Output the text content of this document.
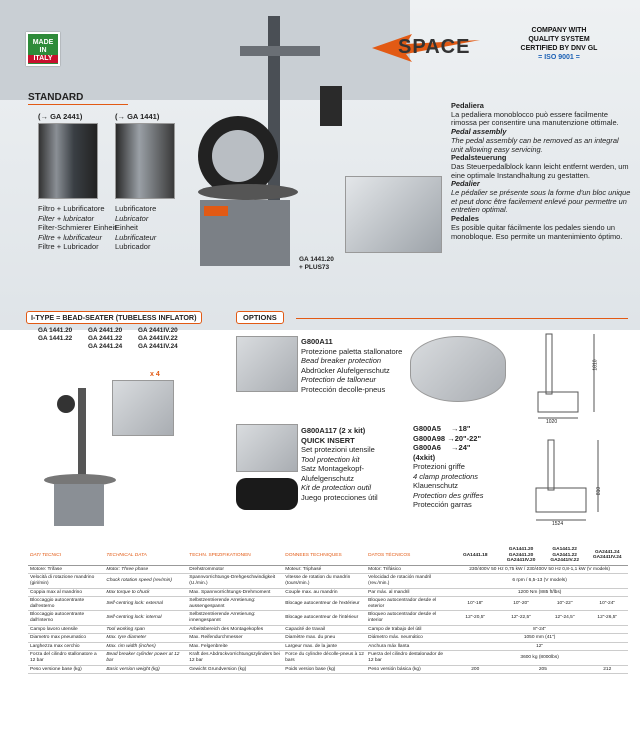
MADE
IN
ITALY
SPACE
COMPANY WITH
QUALITY SYSTEM
CERTIFIED BY DNV GL
= ISO 9001 =
STANDARD
(→ GA 2441)	(→ GA 1441)
Filtro + Lubrificatore
Filter + lubricator
Filter-Schmierer Einheit
Filtre + lubrificateur
Filtre + Lubricador
Lubrificatore
Lubricator
Einheit
Lubrificateur
Lubricador
GA 1441.20
+ PLUS73
Pedaliera
La pedaliera monoblocco può essere facilmente rimossa per consentire una manutenzione ottimale.
Pedal assembly
The pedal assembly can be removed as an integral unit allowing easy servicing.
Pedalsteuerung
Das Steuerpedalblock kann leicht entfernt werden, um eine optimale Instandhaltung zu gestatten.
Pedalier
Le pédalier se présente sous la forme d'un bloc unique et peut donc être facilement enlevé pour permettre un entretien optimal.
Pedales
Es posible quitar fácilmente los pedales siendo un monobloque. Eso permite un mantenimiento óptimo.
I-TYPE = BEAD-SEATER (TUBELESS INFLATOR)
GA 1441.20
GA 1441.22
GA 2441.20
GA 2441.22
GA 2441.24
GA 2441IV.20
GA 2441IV.22
GA 2441IV.24
x 4
OPTIONS
G800A11
Protezione paletta stallonatore
Bead breaker protection
Abdrücker Alufelgenschutz
Protection de talloneur
Protección decolle-pneus
G800A117 (2 x kit)
QUICK INSERT
Set protezioni utensile
Tool protection kit
Satz Montagekopf-
Alufelgenschutz
Kit de protection outil
Juego protecciones útil
G800A5 →18"
G800A98 →20"-22"
G800A6 →24"
(4xkit)
Protezioni griffe
4 clamp protections
Klauenschutz
Protection des griffes
Protección garras
1810
1020
810
1524
DATI TECNICI	TECHNICAL DATA	TECHN. SPEZIFIKATIONEN	DONNEES TECHNIQUES	DATOS TÉCNICOS	GA1441.18	GA1441.20 GA2441.20 GA2441IV.20	GA1441.22 GA2441.22 GA2441IV.22	GA2441.24 GA2441IV.24
Motore: Trifase	Motor: Three phase	Drehstrommotor	Moteur: Triphasé	Motor: Trifásico	230/400V 50 Hz 0,75 kW / 230/400V 50 Hz 0,8-1,1 kW (V models)			
Velocità di rotazione mandrino (giri/min)	Chuck rotation speed (rev/min)	Spannvorrichtungs-Drehgeschwindigkeit (U./min.)	Vitesse de rotation du mandrin (tours/min.)	Velocidad de rotación mandril (rev./min.)	6 rpm / 6,5-13 (V models)			
Coppia max al mandrino	Max torque to chuck	Max. Spannvorrichtungs-Drehmoment	Couple max. au mandrin	Par máx. al mandril	1200 Nm (885 ft/lbs)			
Bloccaggio autocentrante dall'esterno	Self-centring lock: external	Selbstzentrierende Arretierung: aussengespannt	Blocage autocentreur de l'extérieur	Bloqueo autocentrador desde el exterior	10"-18"	10"-20"	10"-22"	10"-24"
Bloccaggio autocentrante dall'interno	Self-centring lock: internal	Selbstzentrierende Arretierung: innengespannt	Blocage autocentreur de l'intérieur	Bloqueo autocentrador desde el interior	12"-20,5"	12"-22,5"	12"-24,5"	12"-26,5"
Campo lavoro utensile	Tool working span	Arbeitsbereich des Montagekopfes	Capacité de travail	Campo de trabajo del útil	8"-24"			
Diametro max pneumatico	Max. tyre diameter	Max. Reifendurchmesser	Diamètre max. du pneu	Diámetro máx. neumático	1050 mm (41")			
Larghezza max cerchio	Max. rim width (inches)	Max. Felgenbreite	Largeur max. de la jante	Anchura máx llanta	12"			
Forza del cilindro stallonatore a 12 bar	Bead breaker cylinder power at 12 bar	Kraft des Abdrückvorrichtungszylinders bei 12 bar	Force du cylindre décolle-pneus à 12 bars	Fuerza del cilindro destalonador de 12 bar	3600 kg (8000lbs)			
Peso versione base (kg)	Basic version weight (kg)	Gewicht Grundversion (kg)	Poids version base (kg)	Peso versión básica (kg)	200	205		212
